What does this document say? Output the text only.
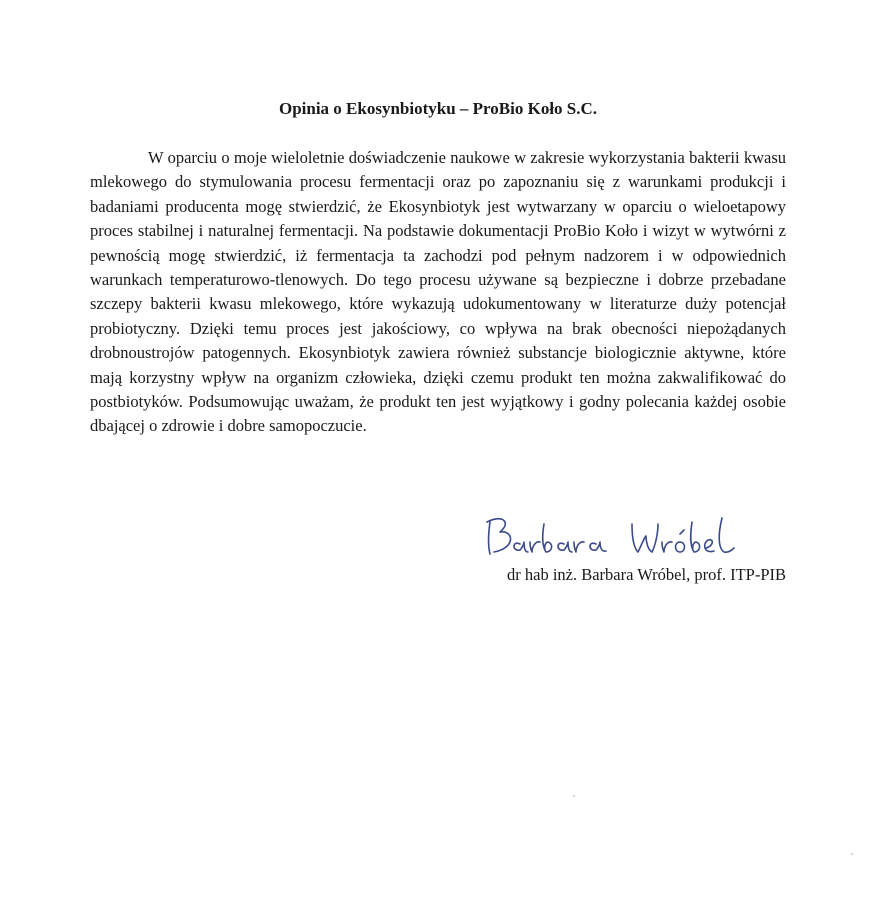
Opinia o Ekosynbiotyku – ProBio Koło S.C.

W oparciu o moje wieloletnie doświadczenie naukowe w zakresie wykorzystania bakterii kwasu mlekowego do stymulowania procesu fermentacji oraz po zapoznaniu się z warunkami produkcji i badaniami producenta mogę stwierdzić, że Ekosynbiotyk jest wytwarzany w oparciu o wieloetapowy proces stabilnej i naturalnej fermentacji. Na podstawie dokumentacji ProBio Koło i wizyt w wytwórni z pewnością mogę stwierdzić, iż fermentacja ta zachodzi pod pełnym nadzorem i w odpowiednich warunkach temperaturowo-tlenowych. Do tego procesu używane są bezpieczne i dobrze przebadane szczepy bakterii kwasu mlekowego, które wykazują udokumentowany w literaturze duży potencjał probiotyczny. Dzięki temu proces jest jakościowy, co wpływa na brak obecności niepożądanych drobnoustrojów patogennych. Ekosynbiotyk zawiera również substancje biologicznie aktywne, które mają korzystny wpływ na organizm człowieka, dzięki czemu produkt ten można zakwalifikować do postbiotyków. Podsumowując uważam, że produkt ten jest wyjątkowy i godny polecania każdej osobie dbającej o zdrowie i dobre samopoczucie.

dr hab inż. Barbara Wróbel, prof. ITP-PIB
